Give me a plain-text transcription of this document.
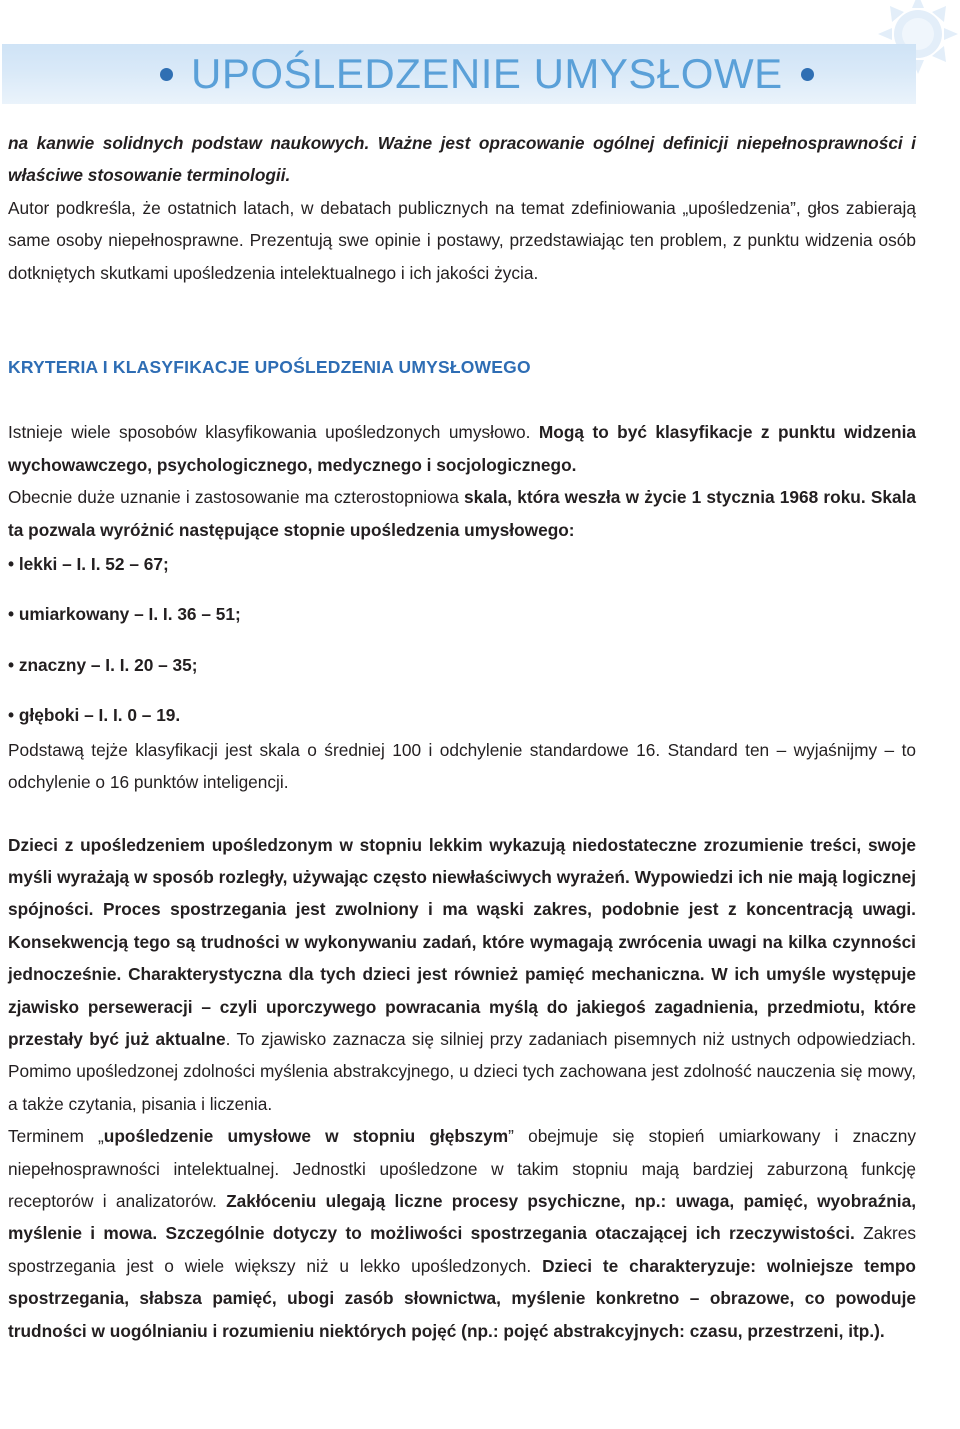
UPOŚLEDZENIE UMYSŁOWE

na kanwie solidnych podstaw naukowych. Ważne jest opracowanie ogólnej definicji niepełnosprawności i właściwe stosowanie terminologii.

Autor podkreśla, że ostatnich latach, w debatach publicznych na temat zdefiniowania „upośledzenia”, głos zabierają same osoby niepełnosprawne. Prezentują swe opinie i postawy, przedstawiając ten problem, z punktu widzenia osób dotkniętych skutkami upośledzenia intelektualnego i ich jakości życia.

KRYTERIA I KLASYFIKACJE UPOŚLEDZENIA UMYSŁOWEGO

Istnieje wiele sposobów klasyfikowania upośledzonych umysłowo. Mogą to być klasyfikacje z punktu widzenia wychowawczego, psychologicznego, medycznego i socjologicznego.

Obecnie duże uznanie i zastosowanie ma czterostopniowa skala, która weszła w życie 1 stycznia 1968 roku. Skala ta pozwala wyróżnić następujące stopnie upośledzenia umysłowego:

• lekki – I. I. 52 – 67;

• umiarkowany – I. I. 36 – 51;

• znaczny – I. I. 20 – 35;

• głęboki – I. I. 0 – 19.

Podstawą tejże klasyfikacji jest skala o średniej 100 i odchylenie standardowe 16. Standard ten – wyjaśnijmy – to odchylenie o 16 punktów inteligencji.

Dzieci z upośledzeniem upośledzonym w stopniu lekkim wykazują niedostateczne zrozumienie treści, swoje myśli wyrażają w sposób rozległy, używając często niewłaściwych wyrażeń. Wypowiedzi ich nie mają logicznej spójności. Proces spostrzegania jest zwolniony i ma wąski zakres, podobnie jest z koncentracją uwagi. Konsekwencją tego są trudności w wykonywaniu zadań, które wymagają zwrócenia uwagi na kilka czynności jednocześnie. Charakterystyczna dla tych dzieci jest również pamięć mechaniczna. W ich umyśle występuje zjawisko perseweracji – czyli uporczywego powracania myślą do jakiegoś zagadnienia, przedmiotu, które przestały być już aktualne. To zjawisko zaznacza się silniej przy zadaniach pisemnych niż ustnych odpowiedziach. Pomimo upośledzonej zdolności myślenia abstrakcyjnego, u dzieci tych zachowana jest zdolność nauczenia się mowy, a także czytania, pisania i liczenia.

Terminem „upośledzenie umysłowe w stopniu głębszym” obejmuje się stopień umiarkowany i znaczny niepełnosprawności intelektualnej. Jednostki upośledzone w takim stopniu mają bardziej zaburzoną funkcję receptorów i analizatorów. Zakłóceniu ulegają liczne procesy psychiczne, np.: uwaga, pamięć, wyobraźnia, myślenie i mowa. Szczególnie dotyczy to możliwości spostrzegania otaczającej ich rzeczywistości. Zakres spostrzegania jest o wiele większy niż u lekko upośledzonych. Dzieci te charakteryzuje: wolniejsze tempo spostrzegania, słabsza pamięć, ubogi zasób słownictwa, myślenie konkretno – obrazowe, co powoduje trudności w uogólnianiu i rozumieniu niektórych pojęć (np.: pojęć abstrakcyjnych: czasu, przestrzeni, itp.).
